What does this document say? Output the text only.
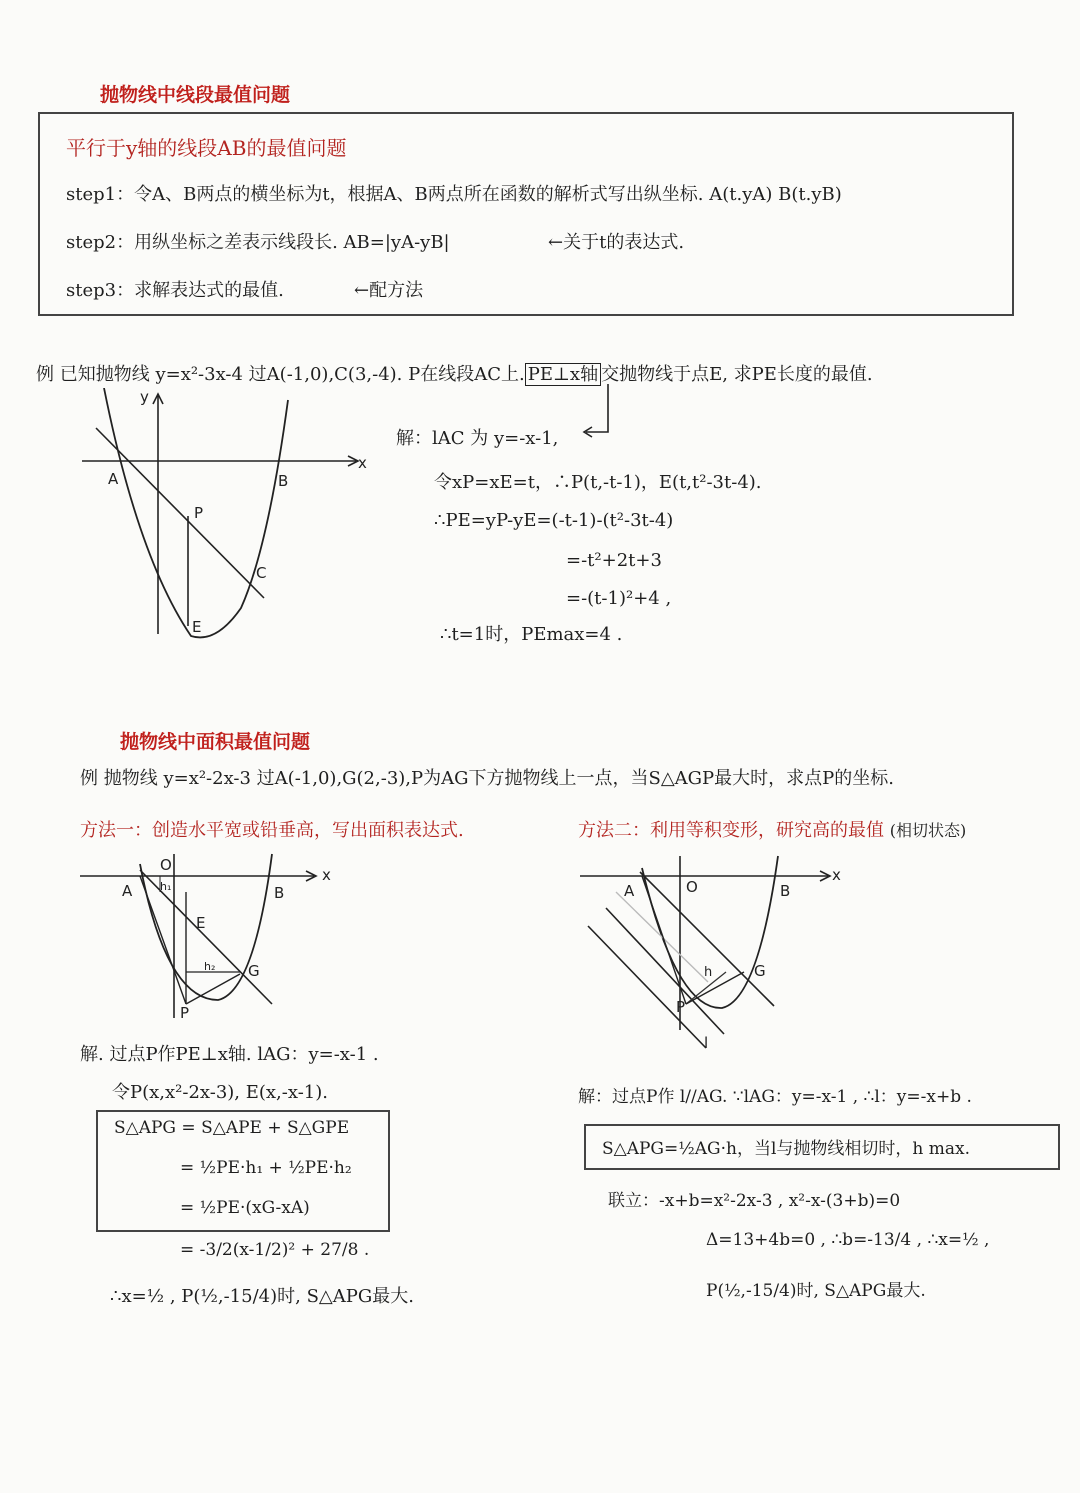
抛物线中线段最值问题
平行于y轴的线段AB的最值问题
step1：令A、B两点的横坐标为t，根据A、B两点所在函数的解析式写出纵坐标. A(t.yA) B(t.yB)
step2：用纵坐标之差表示线段长. AB=|yA-yB|	←关于t的表达式.
step3：求解表达式的最值.	←配方法
例 已知抛物线 y=x²-3x-4 过A(-1,0),C(3,-4). P在线段AC上. PE⊥x轴 交抛物线于点E, 求PE长度的最值.
y
x
A	B
P
C
E
解：lAC 为 y=-x-1,
令xP=xE=t，∴P(t,-t-1)，E(t,t²-3t-4).
∴PE=yP-yE=(-t-1)-(t²-3t-4)
=-t²+2t+3
=-(t-1)²+4 ,
∴t=1时，PEmax=4 .
抛物线中面积最值问题
例 抛物线 y=x²-2x-3 过A(-1,0),G(2,-3),P为AG下方抛物线上一点，当S△AGP最大时，求点P的坐标.
方法一：创造水平宽或铅垂高，写出面积表达式.	方法二：利用等积变形，研究高的最值 (相切状态)
O
x
A	B
E
G
P
h₁
h₂
A	O	B
x
G
h
P
l
解. 过点P作PE⊥x轴. lAG：y=-x-1 .
令P(x,x²-2x-3), E(x,-x-1).
S△APG = S△APE + S△GPE
= ½PE·h₁ + ½PE·h₂
= ½PE·(xG-xA)
= -3/2(x-1/2)² + 27/8 .
∴x=½ , P(½,-15/4)时, S△APG最大.
解：过点P作 l//AG. ∵lAG：y=-x-1 , ∴l：y=-x+b .
S△APG=½AG·h，当l与抛物线相切时，h max.
联立：-x+b=x²-2x-3 , x²-x-(3+b)=0
Δ=13+4b=0 , ∴b=-13/4 , ∴x=½ ,
P(½,-15/4)时, S△APG最大.
